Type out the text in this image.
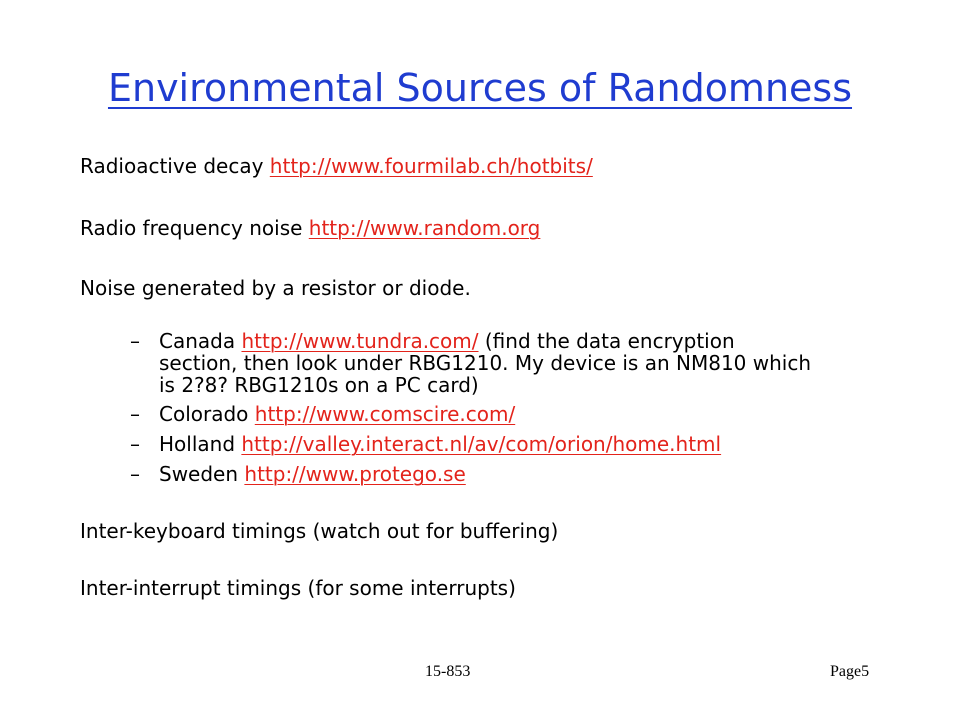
Environmental Sources of Randomness
Radioactive decay http://www.fourmilab.ch/hotbits/
Radio frequency noise http://www.random.org
Noise generated by a resistor or diode.
– Canada http://www.tundra.com/ (find the data encryption
section, then look under RBG1210. My device is an NM810 which
is 2?8? RBG1210s on a PC card)
– Colorado http://www.comscire.com/
– Holland http://valley.interact.nl/av/com/orion/home.html
– Sweden http://www.protego.se
Inter-keyboard timings (watch out for buffering)
Inter-interrupt timings (for some interrupts)
15-853	Page5
